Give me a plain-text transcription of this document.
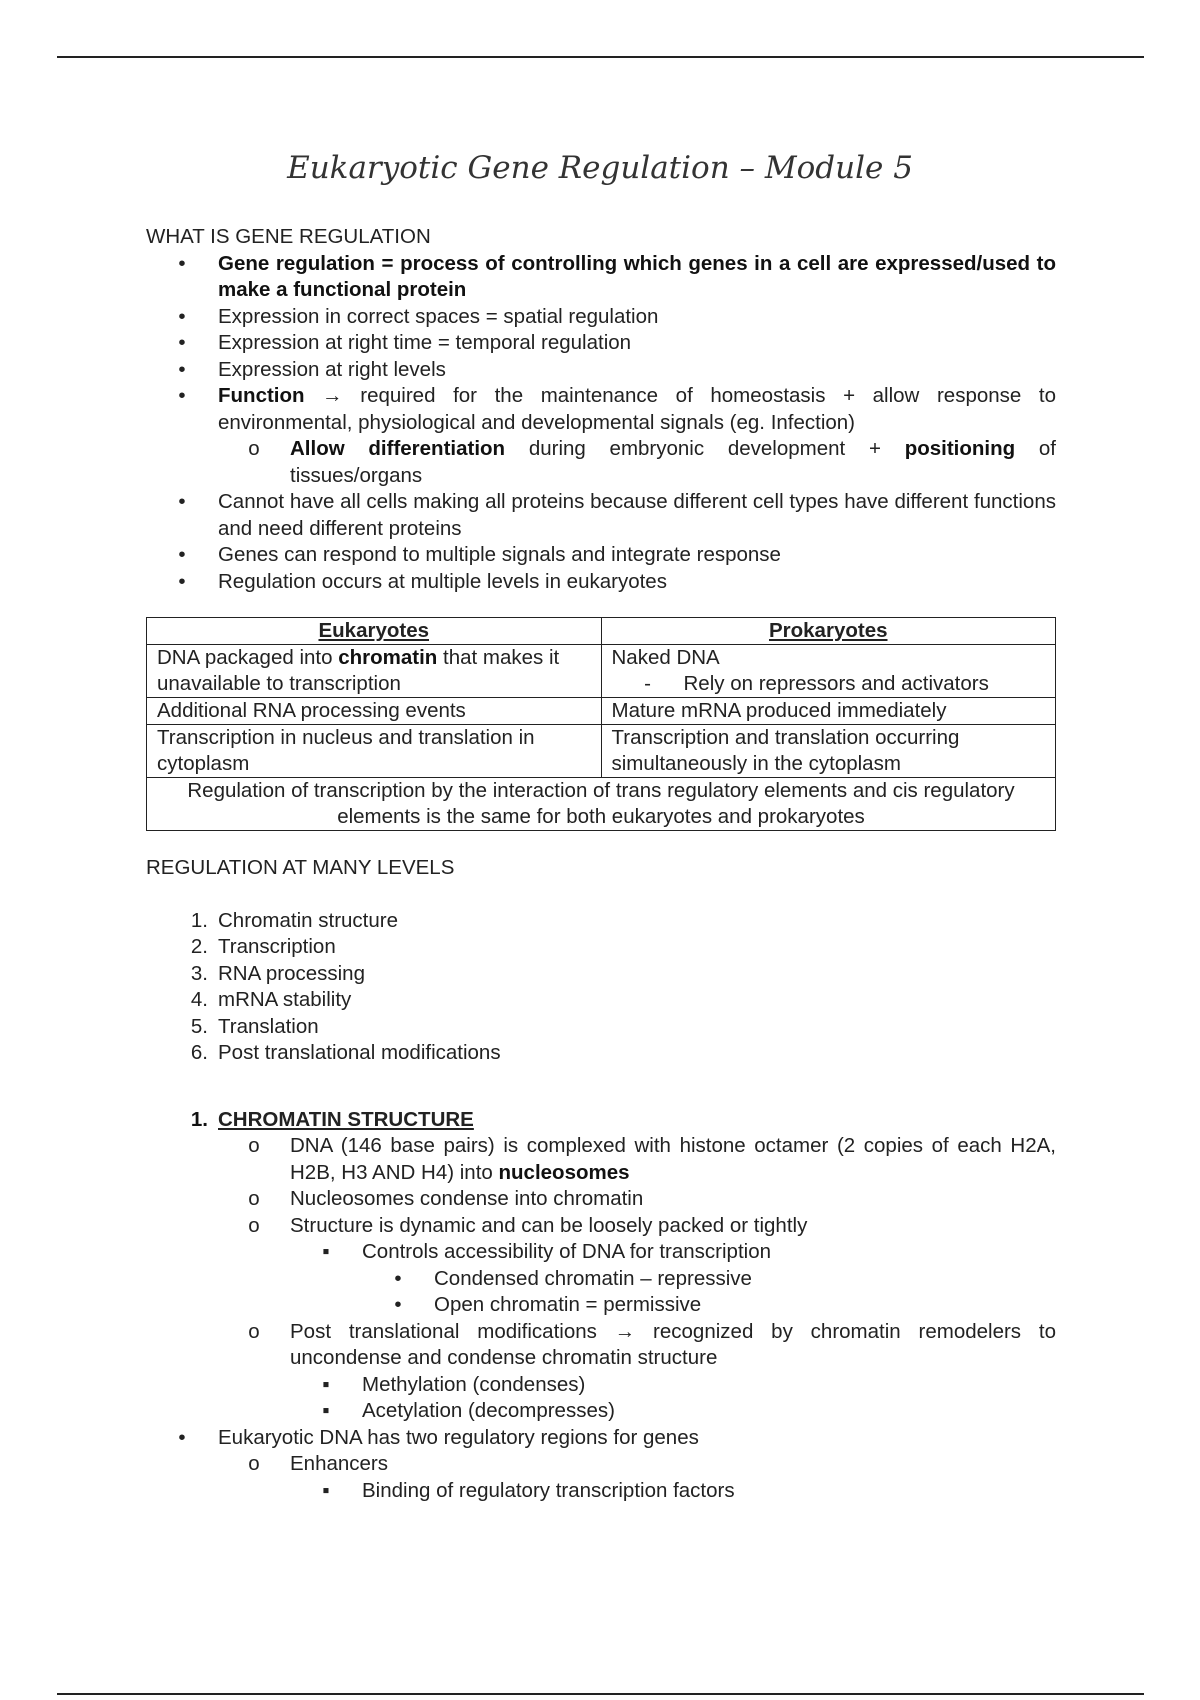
Eukaryotic Gene Regulation – Module 5

WHAT IS GENE REGULATION

•	Gene regulation = process of controlling which genes in a cell are expressed/used to make a functional protein
•	Expression in correct spaces = spatial regulation
•	Expression at right time = temporal regulation
•	Expression at right levels
•	Function → required for the maintenance of homeostasis + allow response to environmental, physiological and developmental signals (eg. Infection)
o	Allow differentiation during embryonic development + positioning of tissues/organs
•	Cannot have all cells making all proteins because different cell types have different functions and need different proteins
•	Genes can respond to multiple signals and integrate response
•	Regulation occurs at multiple levels in eukaryotes
Eukaryotes	Prokaryotes
DNA packaged into chromatin that makes it unavailable to transcription	Naked DNA
- Rely on repressors and activators

Additional RNA processing events	Mature mRNA produced immediately
Transcription in nucleus and translation in cytoplasm	Transcription and translation occurring simultaneously in the cytoplasm
Regulation of transcription by the interaction of trans regulatory elements and cis regulatory elements is the same for both eukaryotes and prokaryotes	

REGULATION AT MANY LEVELS

1. Chromatin structure
2. Transcription
3. RNA processing
4. mRNA stability
5. Translation
6. Post translational modifications
1. CHROMATIN STRUCTURE
o	DNA (146 base pairs) is complexed with histone octamer (2 copies of each H2A, H2B, H3 AND H4) into nucleosomes
o	Nucleosomes condense into chromatin
o	Structure is dynamic and can be loosely packed or tightly
▪	Controls accessibility of DNA for transcription
•	Condensed chromatin – repressive
•	Open chromatin = permissive
o	Post translational modifications → recognized by chromatin remodelers to uncondense and condense chromatin structure
▪	Methylation (condenses)
▪	Acetylation (decompresses)
•	Eukaryotic DNA has two regulatory regions for genes
o	Enhancers
▪	Binding of regulatory transcription factors
